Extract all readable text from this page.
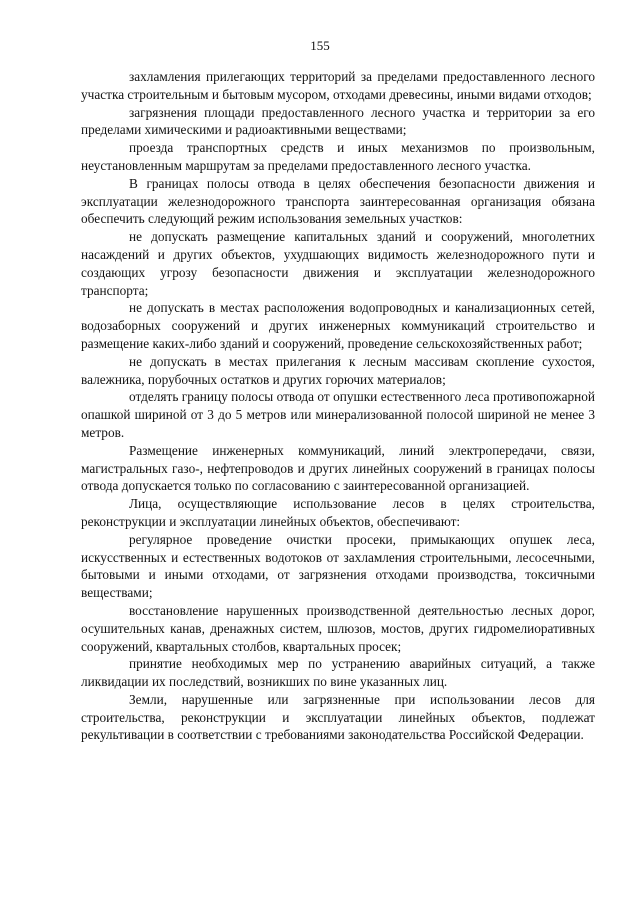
155

захламления прилегающих территорий за пределами предоставленного лесного участка строительным и бытовым мусором, отходами древесины, иными видами отходов;

загрязнения площади предоставленного лесного участка и территории за его пределами химическими и радиоактивными веществами;

проезда транспортных средств и иных механизмов по произвольным, неустановленным маршрутам за пределами предоставленного лесного участка.

В границах полосы отвода в целях обеспечения безопасности движения и эксплуатации железнодорожного транспорта заинтересованная организация обязана обеспечить следующий режим использования земельных участков:

не допускать размещение капитальных зданий и сооружений, многолетних насаждений и других объектов, ухудшающих видимость железнодорожного пути и создающих угрозу безопасности движения и эксплуатации железнодорожного транспорта;

не допускать в местах расположения водопроводных и канализационных сетей, водозаборных сооружений и других инженерных коммуникаций строительство и размещение каких-либо зданий и сооружений, проведение сельскохозяйственных работ;

не допускать в местах прилегания к лесным массивам скопление сухостоя, валежника, порубочных остатков и других горючих материалов;

отделять границу полосы отвода от опушки естественного леса противопожарной опашкой шириной от 3 до 5 метров или минерализованной полосой шириной не менее 3 метров.

Размещение инженерных коммуникаций, линий электропередачи, связи, магистральных газо-, нефтепроводов и других линейных сооружений в границах полосы отвода допускается только по согласованию с заинтересованной организацией.

Лица, осуществляющие использование лесов в целях строительства, реконструкции и эксплуатации линейных объектов, обеспечивают:

регулярное проведение очистки просеки, примыкающих опушек леса, искусственных и естественных водотоков от захламления строительными, лесосечными, бытовыми и иными отходами, от загрязнения отходами производства, токсичными веществами;

восстановление нарушенных производственной деятельностью лесных дорог, осушительных канав, дренажных систем, шлюзов, мостов, других гидромелиоративных сооружений, квартальных столбов, квартальных просек;

принятие необходимых мер по устранению аварийных ситуаций, а также ликвидации их последствий, возникших по вине указанных лиц.

Земли, нарушенные или загрязненные при использовании лесов для строительства, реконструкции и эксплуатации линейных объектов, подлежат рекультивации в соответствии с требованиями законодательства Российской Федерации.
